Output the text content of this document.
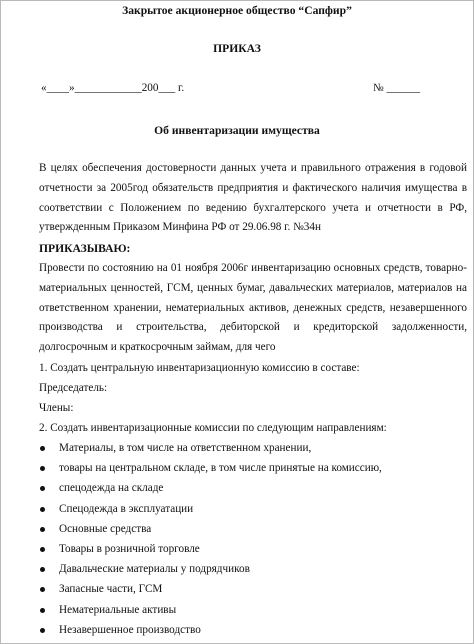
Закрытое акционерное общество “Сапфир”
ПРИКАЗ
«____»____________200___ г.	№ ______
Об инвентаризации имущества
В целях обеспечения достоверности данных учета и правильного отражения в годовой отчетности за 2005год обязательств предприятия и фактического наличия имущества в соответствии с Положением по ведению бухгалтерского учета и отчетности в РФ, утвержденным Приказом Минфина РФ от 29.06.98 г. №34н
ПРИКАЗЫВАЮ:
Провести по состоянию на 01 ноября 2006г инвентаризацию основных средств, товарно-материальных ценностей, ГСМ, ценных бумаг, давальческих материалов, материалов на ответственном хранении, нематериальных активов, денежных средств, незавершенного производства и строительства, дебиторской и кредиторской задолженности, долгосрочным и краткосрочным займам, для чего
1. Создать центральную инвентаризационную комиссию в составе:
Председатель:
Члены:
2. Создать инвентаризационные комиссии по следующим направлениям:
Материалы, в том числе на ответственном хранении,
товары на центральном складе, в том числе принятые на комиссию,
спецодежда на складе
Спецодежда в эксплуатации
Основные средства
Товары в розничной торговле
Давальческие материалы у подрядчиков
Запасные части, ГСМ
Нематериальные активы
Незавершенное производство
